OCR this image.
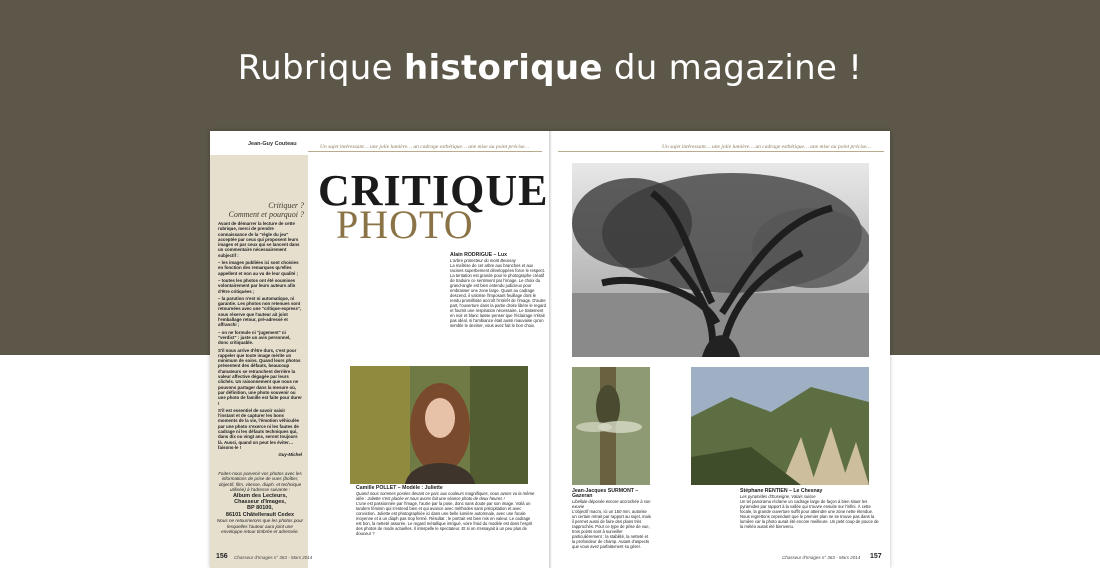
Rubrique historique du magazine !
Jean-Guy Couteau	Un sujet intéressant… une jolie lumière… un cadrage esthétique… une mise au point précise…	Un sujet intéressant… une jolie lumière… un cadrage esthétique… une mise au point précise…
Critiquer ?
Comment et pourquoi ?

Avant de démarrer la lecture de cette rubrique, merci de prendre connaissance de la "règle du jeu" acceptée par ceux qui proposent leurs images et par ceux qui se lancent dans un commentaire nécessairement subjectif :

– les images publiées ici sont choisies en fonction des remarques qu'elles appellent et non au vu de leur qualité ;

– toutes les photos ont été soumises volontairement par leurs auteurs afin d'être critiquées ;

– la parution n'est ni automatique, ni garantie. Les photos non retenues sont retournées avec une "critique-express", sous réserve que l'auteur ait joint l'emballage retour, pré-adressé et affranchi ;

– on ne formule ni "jugement" ni "verdict" : juste un avis personnel, donc critiquable.

S'il nous arrive d'être durs, c'est pour rappeler que toute image mérite un minimum de soins. Quand leurs photos présentent des défauts, beaucoup d'amateurs se retranchent derrière la valeur affective dégagée par leurs clichés. Un raisonnement que nous ne pouvons partager dans la mesure où, par définition, une photo souvenir ou une photo de famille est faite pour durer !

S'il est essentiel de savoir saisir l'instant et de capturer les bons moments de la vie, l'émotion véhiculée par une photo s'exerce ni les fautes de cadrage ni les défauts techniques qui, dans dix ou vingt ans, seront toujours là. Aussi, quand on peut les éviter… faisons-le !

Guy-Michel

Faites-nous parvenir vos photos avec les informations de prise de vues (boîtier, objectif, film, vitesse, diaph. et technique utilisée) à l'adresse suivante :
Album des Lecteurs,
Chasseur d'Images,
BP 80100,
86101 Châtellerault Cedex
Nous ne retournerons que les photos pour lesquelles l'auteur aura joint une enveloppe retour timbrée et adressée.
CRITIQUE
PHOTO
Alain RODRIGUE – Lux
L'arbre protecteur du mont Beuvray
La maîtrise de cet arbre aux branches et aux racines superbement développées force le respect. La tentation est grande pour le photographe créatif de traduire ce sentiment par l'image. Le choix du grand-angle est bien entendu judicieux pour embrasser une zone large. Quant au cadrage descend, il valorise l'imposant feuillage dont le rendu promillisite accroît l'intérêt de l'image. D'autre part, l'ouverture dans la partie droite libère le regard et fournit une respiration nécessaire. Le traitement en noir et blanc laisse penser que l'éclairage n'était pas idéal, si l'ambiance était aussi mauvaise qu'un semble le deviner, vous avez fait le bon choix.
Camille POLLET – Modèle : Juliette
Quand nous sommes posées devant ce parc aux couleurs magnifiques, nous avons vu la même idée : Juliette s'est placée et nous avons fait une séance photo de deux heures !
L'une est passionnée par l'image, l'autre par la pose, donc sans doute par son image. Voilà un tandem féminin qui s'entend bien et qui avance avec méthodes sans précipitation et avec conviction. Juliette est photographiée ici dans une belle lumière automnale, avec une focale moyenne et à un diaph pas trop fermé. Résultat : le portrait est bien mis en valeur. Le cadrage est bon, la netteté assurée. Le regard métallique intrigué, voire froid du modèle est dans l'esprit des photos de mode actuelles. Il interpelle le spectateur. Et si on s'essayait à un peu plus de douceur ?
Jean-Jacques SURMONT – Gazeran
Libellule déposée encore accrochée à son exuvie
L'objectif macro, ici un 150 mm, autorise un certain retrait par rapport au sujet, mais il permet aussi de faire des plans très rapprochés. Pour ce type de prise de vue, trois points sont à surveiller particulièrement : la stabilité, la netteté et la profondeur de champ. Autant d'aspects que vous avez parfaitement su gérer.
Stéphane RENTIEN – Le Chesnay
Les pyramides d'Euseigne, Valais suisse
Un tel panorama réclame un cadrage large de façon à bien situer les pyramides par rapport à la vallée qui s'ouvre ensuite sur l'infini. À cette focale, la grande ouverture suffit pour atteindre une zone nette étendue. Nous regrettons cependant que le premier plan ne se trouve pas dans la lumière car la photo aurait été encore meilleure. Un petit coup de pouce de la météo aurait été bienvenu.
156 Chasseur d'Images n° 363 - Mars 2014	Chasseur d'Images n° 363 - Mars 2014 157
